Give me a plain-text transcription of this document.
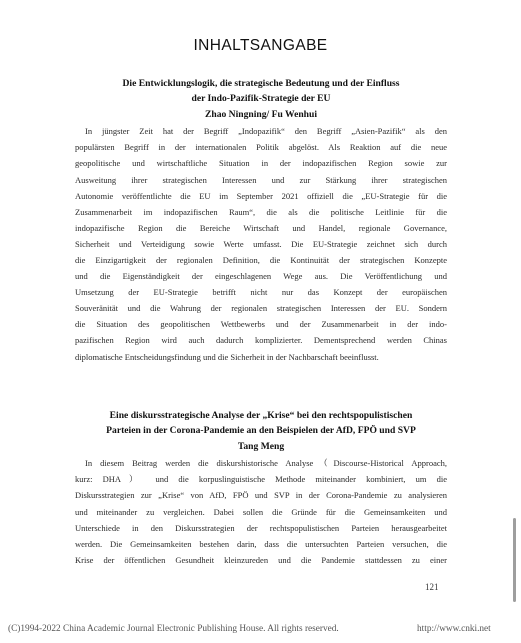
INHALTSANGABE
Die Entwicklungslogik, die strategische Bedeutung und der Einfluss
der Indo-Pazifik-Strategie der EU
Zhao Ningning/ Fu Wenhui
In jüngster Zeit hat der Begriff „Indopazifik“ den Begriff „Asien-Pazifik“ als den
populärsten Begriff in der internationalen Politik abgelöst. Als Reaktion auf die neue
geopolitische und wirtschaftliche Situation in der indopazifischen Region sowie zur
Ausweitung ihrer strategischen Interessen und zur Stärkung ihrer strategischen
Autonomie veröffentlichte die EU im September 2021 offiziell die „EU-Strategie für die
Zusammenarbeit im indopazifischen Raum“, die als die politische Leitlinie für die
indopazifische Region die Bereiche Wirtschaft und Handel, regionale Governance,
Sicherheit und Verteidigung sowie Werte umfasst. Die EU-Strategie zeichnet sich durch
die Einzigartigkeit der regionalen Definition, die Kontinuität der strategischen Konzepte
und die Eigenständigkeit der eingeschlagenen Wege aus. Die Veröffentlichung und
Umsetzung der EU-Strategie betrifft nicht nur das Konzept der europäischen
Souveränität und die Wahrung der regionalen strategischen Interessen der EU. Sondern
die Situation des geopolitischen Wettbewerbs und der Zusammenarbeit in der indo-
pazifischen Region wird auch dadurch komplizierter. Dementsprechend werden Chinas
diplomatische Entscheidungsfindung und die Sicherheit in der Nachbarschaft beeinflusst.
Eine diskursstrategische Analyse der „Krise“ bei den rechtspopulistischen
Parteien in der Corona-Pandemie an den Beispielen der AfD, FPÖ und SVP
Tang Meng
In diesem Beitrag werden die diskurshistorische Analyse（Discourse-Historical Approach,
kurz: DHA） und die korpuslinguistische Methode miteinander kombiniert, um die
Diskursstrategien zur „Krise“ von AfD, FPÖ und SVP in der Corona-Pandemie zu analysieren
und miteinander zu vergleichen. Dabei sollen die Gründe für die Gemeinsamkeiten und
Unterschiede in den Diskursstrategien der rechtspopulistischen Parteien herausgearbeitet
werden. Die Gemeinsamkeiten bestehen darin, dass die untersuchten Parteien versuchen, die
Krise der öffentlichen Gesundheit kleinzureden und die Pandemie stattdessen zu einer
121
(C)1994-2022 China Academic Journal Electronic Publishing House. All rights reserved.	http://www.cnki.net
